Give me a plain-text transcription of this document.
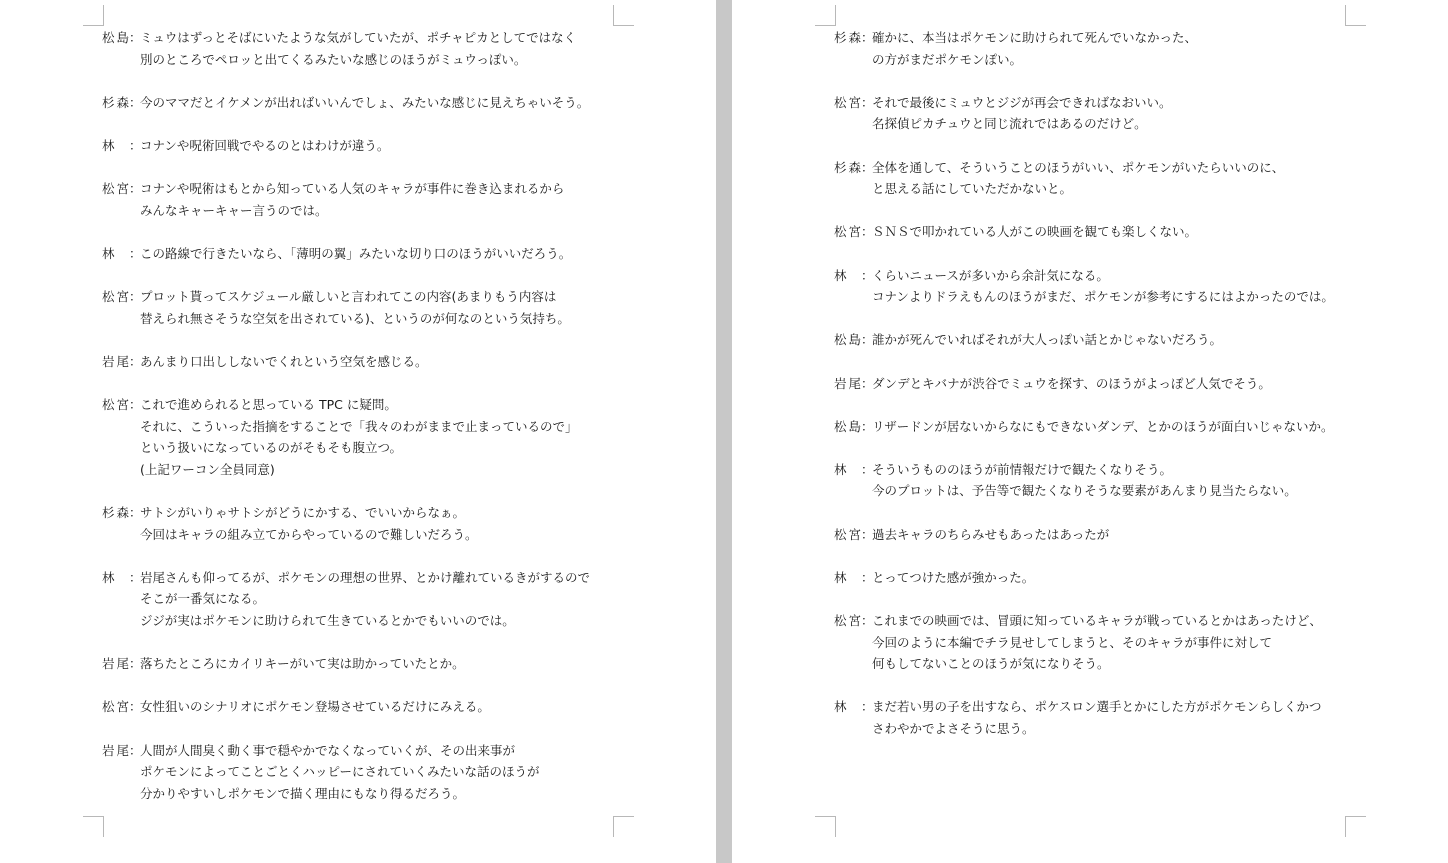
松島 ：
ミュウはずっとそばにいたような気がしていたが、ポチャピカとしてではなく
別のところでペロッと出てくるみたいな感じのほうがミュウっぽい。
杉森 ：
今のママだとイケメンが出ればいいんでしょ、みたいな感じに見えちゃいそう。
林	：
コナンや呪術回戦でやるのとはわけが違う。
松宮 ：
コナンや呪術はもとから知っている人気のキャラが事件に巻き込まれるから
みんなキャーキャー言うのでは。
林	：
この路線で行きたいなら、「薄明の翼」みたいな切り口のほうがいいだろう。
松宮 ：
プロット貰ってスケジュール厳しいと言われてこの内容(あまりもう内容は
替えられ無さそうな空気を出されている)、というのが何なのという気持ち。
岩尾 ：
あんまり口出ししないでくれという空気を感じる。
松宮 ：
これで進められると思っている TPC に疑問。
それに、こういった指摘をすることで「我々のわがままで止まっているので」
という扱いになっているのがそもそも腹立つ。
(上記ワーコン全員同意)
杉森 ：
サトシがいりゃサトシがどうにかする、でいいからなぁ。
今回はキャラの組み立てからやっているので難しいだろう。
林	：
岩尾さんも仰ってるが、ポケモンの理想の世界、とかけ離れているきがするので
そこが一番気になる。
ジジが実はポケモンに助けられて生きているとかでもいいのでは。
岩尾 ：
落ちたところにカイリキーがいて実は助かっていたとか。
松宮 ：
女性狙いのシナリオにポケモン登場させているだけにみえる。
岩尾 ：
人間が人間臭く動く事で穏やかでなくなっていくが、その出来事が
ポケモンによってことごとくハッピーにされていくみたいな話のほうが
分かりやすいしポケモンで描く理由にもなり得るだろう。
杉森 ：
確かに、本当はポケモンに助けられて死んでいなかった、
の方がまだポケモンぽい。
松宮 ：
それで最後にミュウとジジが再会できればなおいい。
名探偵ピカチュウと同じ流れではあるのだけど。
杉森 ：
全体を通して、そういうことのほうがいい、ポケモンがいたらいいのに、
と思える話にしていただかないと。
松宮 ：
ＳＮＳで叩かれている人がこの映画を観ても楽しくない。
林	：
くらいニュースが多いから余計気になる。
コナンよりドラえもんのほうがまだ、ポケモンが参考にするにはよかったのでは。
松島 ：
誰かが死んでいればそれが大人っぽい話とかじゃないだろう。
岩尾 ：
ダンデとキバナが渋谷でミュウを探す、のほうがよっぽど人気でそう。
松島 ：
リザードンが居ないからなにもできないダンデ、とかのほうが面白いじゃないか。
林	：
そういうもののほうが前情報だけで観たくなりそう。
今のプロットは、予告等で観たくなりそうな要素があんまり見当たらない。
松宮 ：
過去キャラのちらみせもあったはあったが
林	：
とってつけた感が強かった。
松宮 ：
これまでの映画では、冒頭に知っているキャラが戦っているとかはあったけど、
今回のように本編でチラ見せしてしまうと、そのキャラが事件に対して
何もしてないことのほうが気になりそう。
林	：
まだ若い男の子を出すなら、ポケスロン選手とかにした方がポケモンらしくかつ
さわやかでよさそうに思う。
